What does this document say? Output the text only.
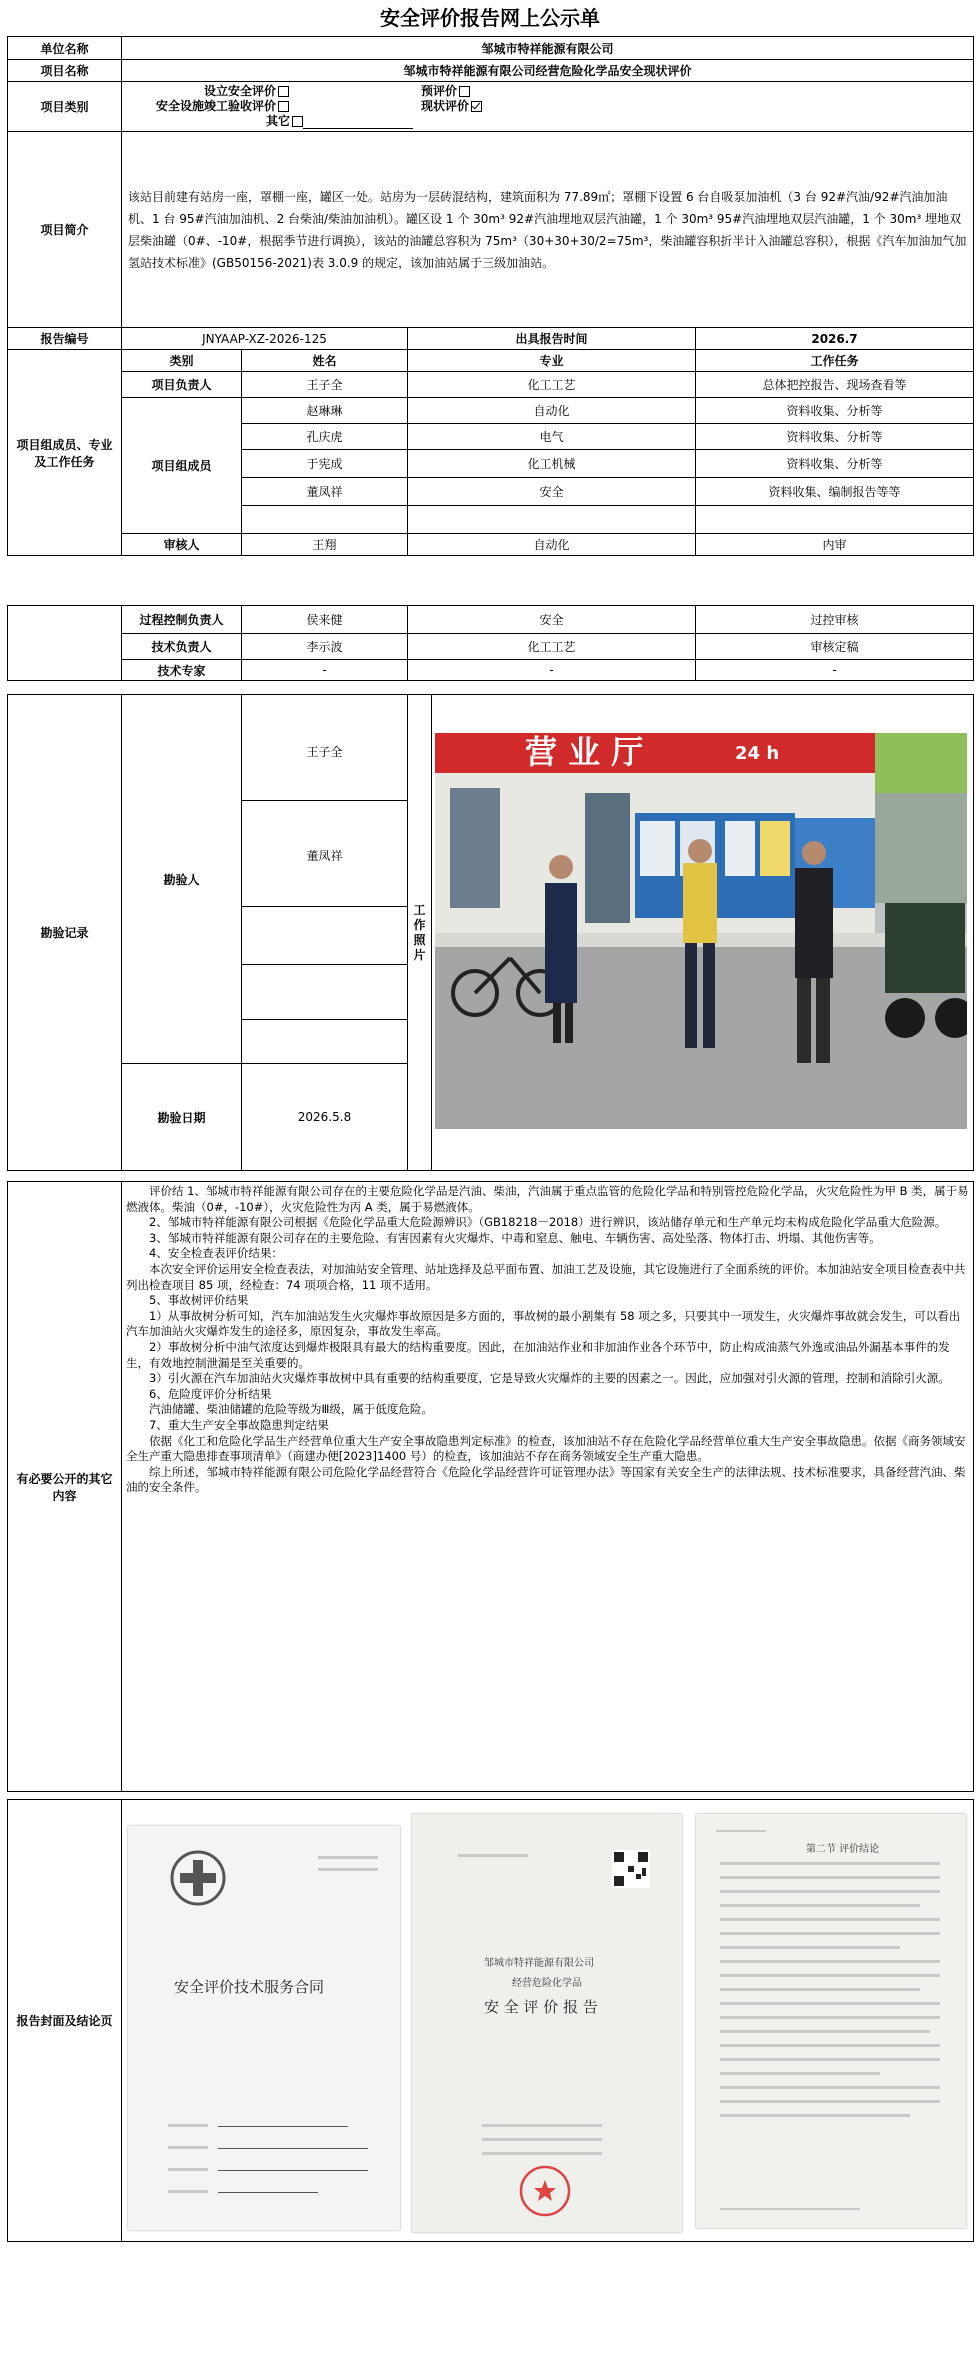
安全评价报告网上公示单
单位名称	邹城市特祥能源有限公司			
项目名称	邹城市特祥能源有限公司经营危险化学品安全现状评价			
项目类别	设立安全评价 预评价
安全设施竣工验收评价 现状评价
其它			

项目简介	该站目前建有站房一座，罩棚一座，罐区一处。站房为一层砖混结构，建筑面积为 77.89㎡；罩棚下设置 6 台自吸泵加油机（3 台 92#汽油/92#汽油加油机、1 台 95#汽油加油机、2 台柴油/柴油加油机）。罐区设 1 个 30m³ 92#汽油埋地双层汽油罐，1 个 30m³ 95#汽油埋地双层汽油罐，1 个 30m³ 埋地双层柴油罐（0#、-10#，根据季节进行调换），该站的油罐总容积为 75m³（30+30+30/2=75m³，柴油罐容积折半计入油罐总容积），根据《汽车加油加气加氢站技术标准》(GB50156-2021)表 3.0.9 的规定，该加油站属于三级加油站。			
报告编号	JNYAAP-XZ-2026-125		出具报告时间	2026.7
项目组成员、专业及工作任务	类别	姓名	专业	工作任务
	项目负责人	王子全	化工工艺	总体把控报告、现场查看等
	项目组成员	赵琳琳	自动化	资料收集、分析等
		孔庆虎	电气	资料收集、分析等
		于宪成	化工机械	资料收集、分析等
		董凤祥	安全	资料收集、编制报告等等

	审核人	王翔	自动化	内审
	过程控制负责人	侯来健	安全	过控审核
	技术负责人	李示波	化工工艺	审核定稿
	技术专家	-	-	-
勘验记录	勘验人	王子全	工作照片	营 业 厅 24 h

		董凤祥		

	勘验日期	2026.5.8		
有必要公开的其它内容	

评价结 1、邹城市特祥能源有限公司存在的主要危险化学品是汽油、柴油，汽油属于重点监管的危险化学品和特别管控危险化学品，火灾危险性为甲 B 类，属于易燃液体。柴油（0#，-10#），火灾危险性为丙 A 类，属于易燃液体。

2、邹城市特祥能源有限公司根据《危险化学品重大危险源辨识》（GB18218－2018）进行辨识，该站储存单元和生产单元均未构成危险化学品重大危险源。

3、邹城市特祥能源有限公司存在的主要危险、有害因素有火灾爆炸、中毒和窒息、触电、车辆伤害、高处坠落、物体打击、坍塌、其他伤害等。

4、安全检查表评价结果：

本次安全评价运用安全检查表法，对加油站安全管理、站址选择及总平面布置、加油工艺及设施，其它设施进行了全面系统的评价。本加油站安全项目检查表中共列出检查项目 85 项，经检查：74 项项合格，11 项不适用。

5、事故树评价结果

1）从事故树分析可知，汽车加油站发生火灾爆炸事故原因是多方面的，事故树的最小割集有 58 项之多，只要其中一项发生，火灾爆炸事故就会发生，可以看出汽车加油站火灾爆炸发生的途径多，原因复杂，事故发生率高。

2）事故树分析中油气浓度达到爆炸极限具有最大的结构重要度。因此，在加油站作业和非加油作业各个环节中，防止构成油蒸气外逸或油品外漏基本事件的发生，有效地控制泄漏是至关重要的。

3）引火源在汽车加油站火灾爆炸事故树中具有重要的结构重要度，它是导致火灾爆炸的主要的因素之一。因此，应加强对引火源的管理，控制和消除引火源。

6、危险度评价分析结果

汽油储罐、柴油储罐的危险等级为Ⅲ级，属于低度危险。

7、重大生产安全事故隐患判定结果

依据《化工和危险化学品生产经营单位重大生产安全事故隐患判定标准》的检查，该加油站不存在危险化学品经营单位重大生产安全事故隐患。依据《商务领域安全生产重大隐患排查事项清单》（商建办便[2023]1400 号）的检查，该加油站不存在商务领域安全生产重大隐患。

综上所述，邹城市特祥能源有限公司危险化学品经营符合《危险化学品经营许可证管理办法》等国家有关安全生产的法律法规、技术标准要求，具备经营汽油、柴油的安全条件。

报告封面及结论页	
安全评价技术服务合同
邹城市特祥能源有限公司
经营危险化学品
安 全 评 价 报 告
第二节 评价结论
